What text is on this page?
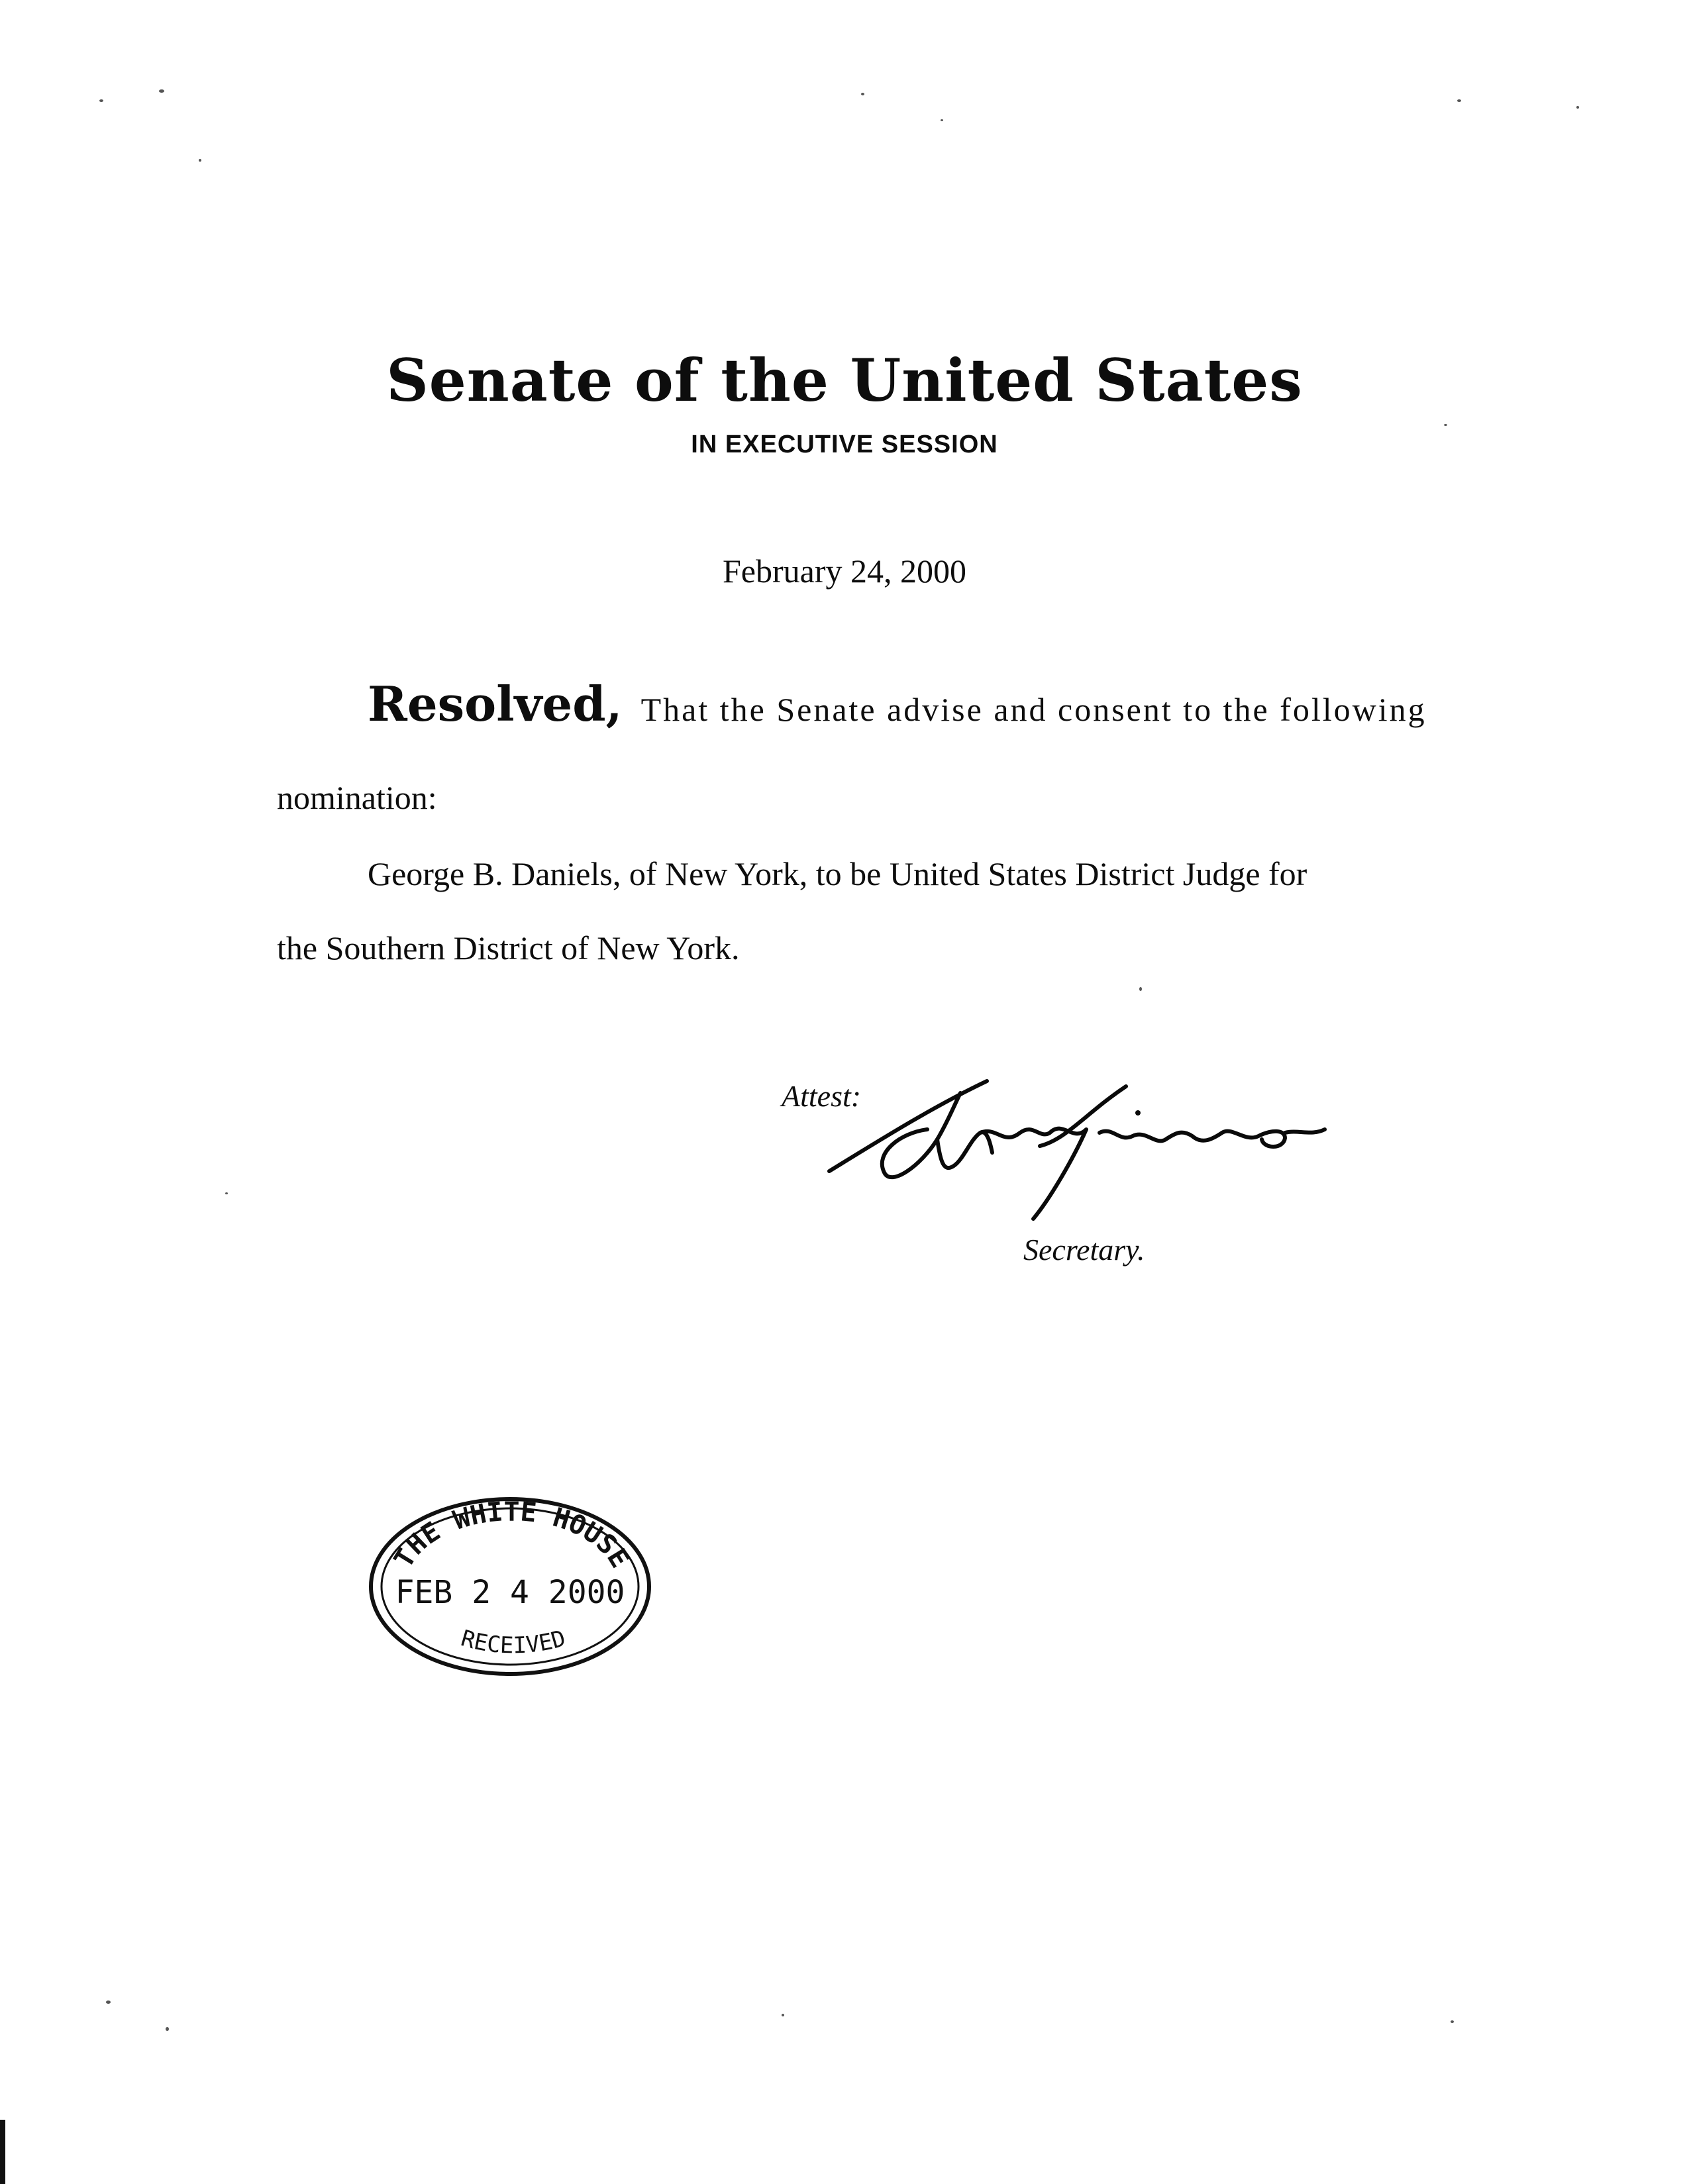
Senate of the United States
IN EXECUTIVE SESSION
February 24, 2000
Resolved, That the Senate advise and consent to the following
nomination:
George B. Daniels, of New York, to be United States District Judge for
the Southern District of New York.
Attest:
Secretary.
THE WHITE HOUSE
FEB 2 4 2000
RECEIVED
